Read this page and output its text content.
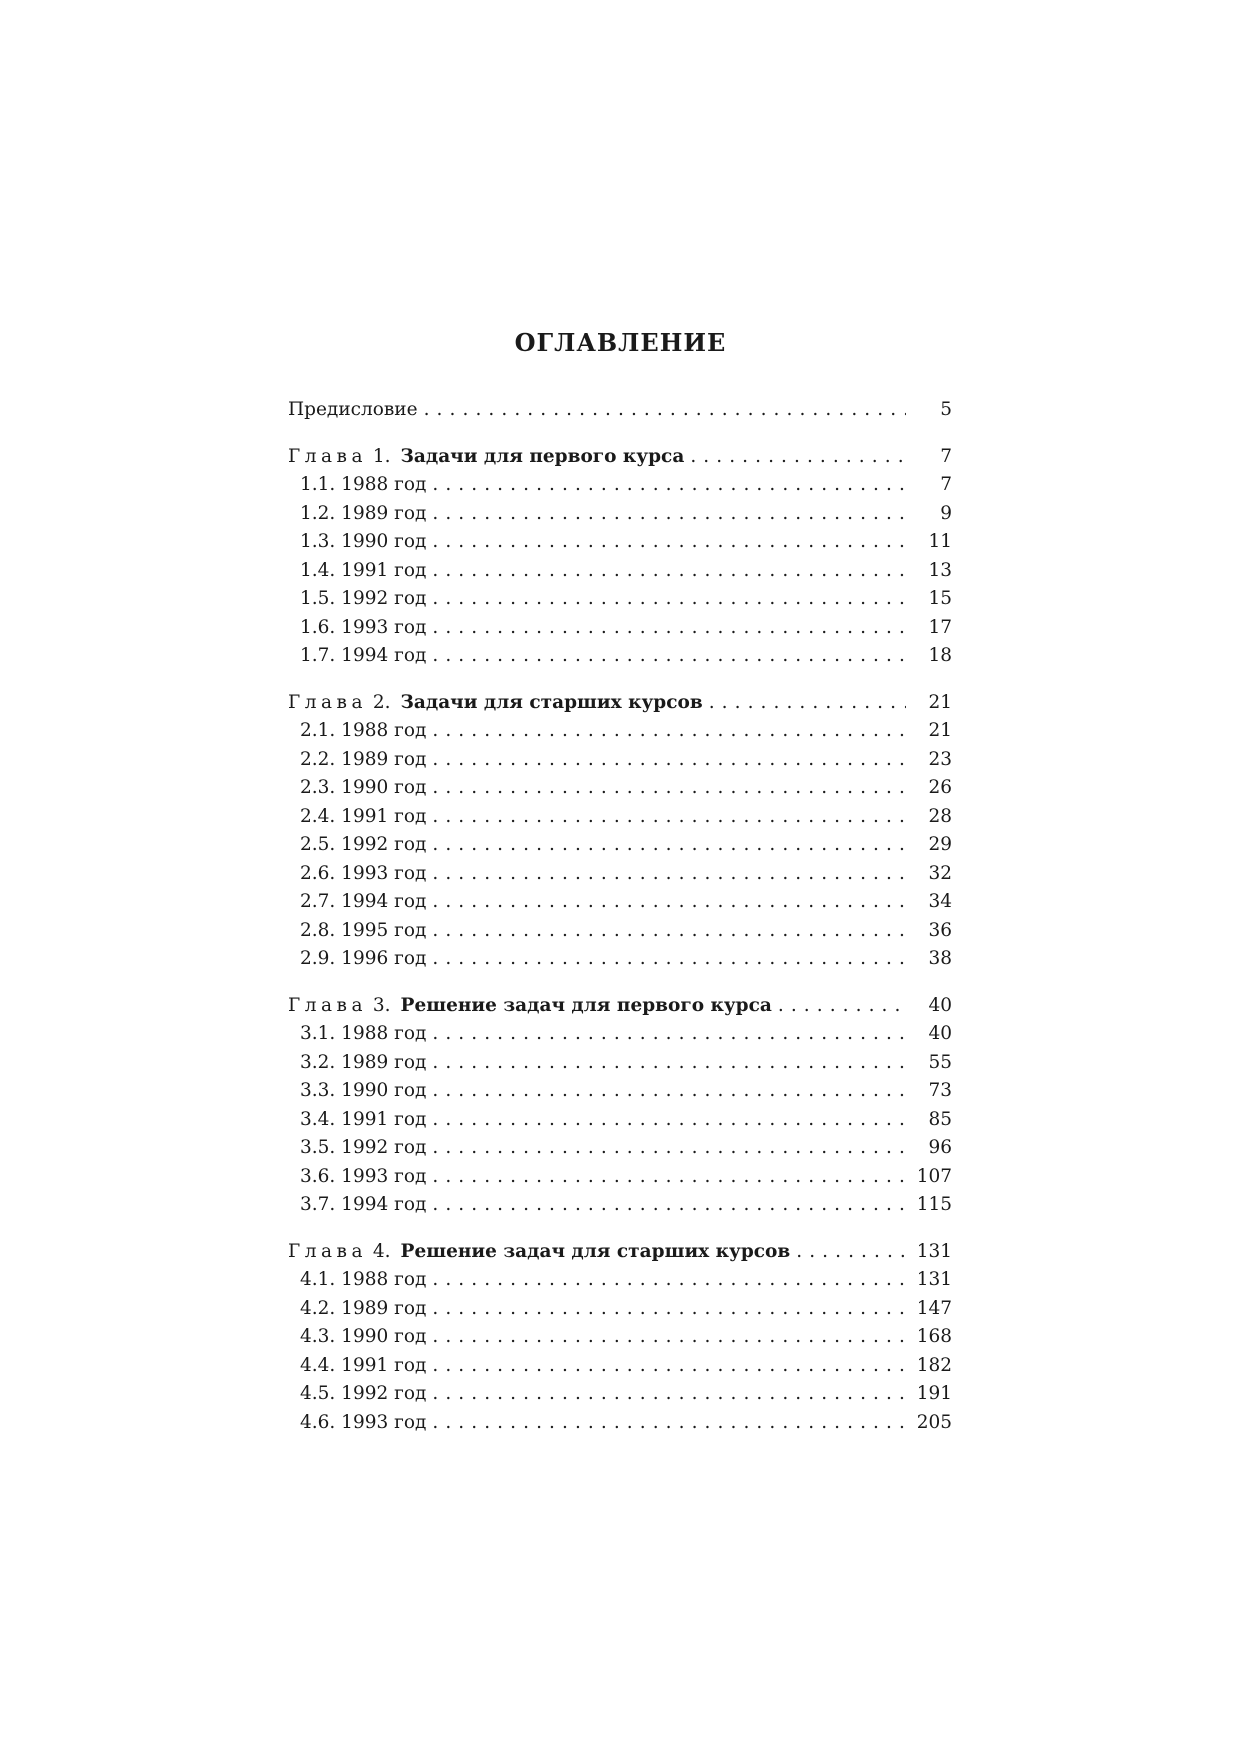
ОГЛАВЛЕНИЕ
Предисловие . . .	5
Глава 1. Задачи для первого курса . . .	7
1.1. 1988 год . . .	7
1.2. 1989 год . . .	9
1.3. 1990 год . . .	11
1.4. 1991 год . . .	13
1.5. 1992 год . . .	15
1.6. 1993 год . . .	17
1.7. 1994 год . . .	18
Глава 2. Задачи для старших курсов . . .	21
2.1. 1988 год . . .	21
2.2. 1989 год . . .	23
2.3. 1990 год . . .	26
2.4. 1991 год . . .	28
2.5. 1992 год . . .	29
2.6. 1993 год . . .	32
2.7. 1994 год . . .	34
2.8. 1995 год . . .	36
2.9. 1996 год . . .	38
Глава 3. Решение задач для первого курса . . .	40
3.1. 1988 год . . .	40
3.2. 1989 год . . .	55
3.3. 1990 год . . .	73
3.4. 1991 год . . .	85
3.5. 1992 год . . .	96
3.6. 1993 год . . .	107
3.7. 1994 год . . .	115
Глава 4. Решение задач для старших курсов . . .	131
4.1. 1988 год . . .	131
4.2. 1989 год . . .	147
4.3. 1990 год . . .	168
4.4. 1991 год . . .	182
4.5. 1992 год . . .	191
4.6. 1993 год . . .	205
